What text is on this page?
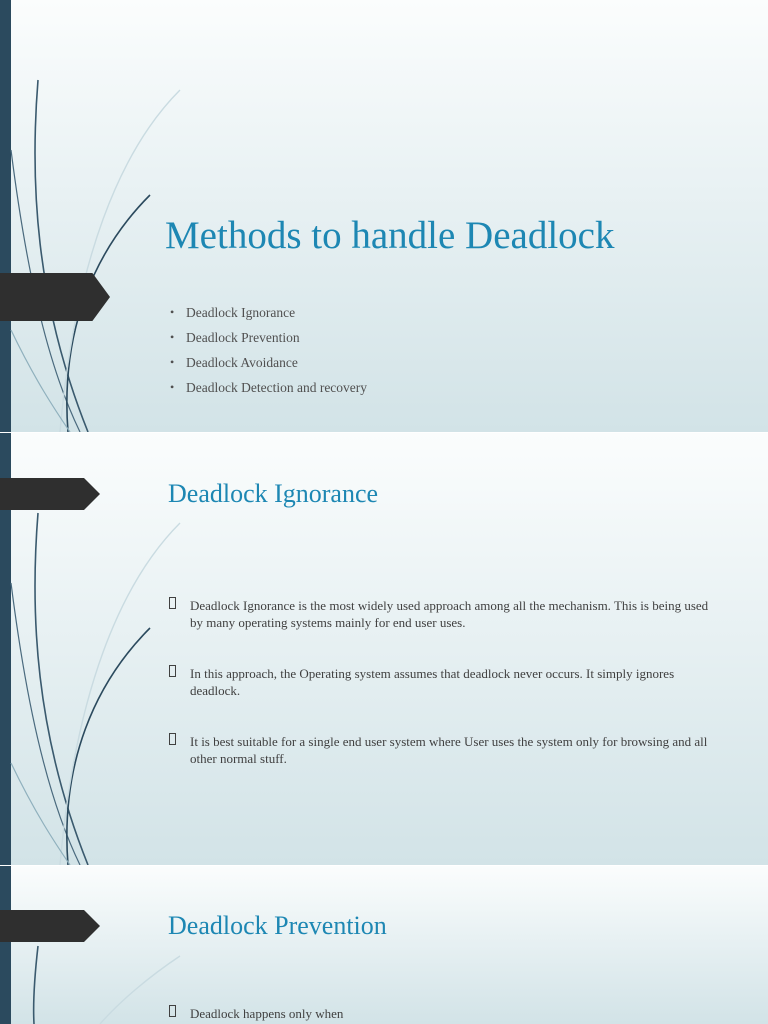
Methods to handle Deadlock
• Deadlock Ignorance
• Deadlock Prevention
• Deadlock Avoidance
• Deadlock Detection and recovery
Deadlock Ignorance
Deadlock Ignorance is the most widely used approach among all the mechanism. This is being used by many operating systems mainly for end user uses.
In this approach, the Operating system assumes that deadlock never occurs. It simply ignores deadlock.
It is best suitable for a single end user system where User uses the system only for browsing and all other normal stuff.
Deadlock Prevention
Deadlock happens only when
